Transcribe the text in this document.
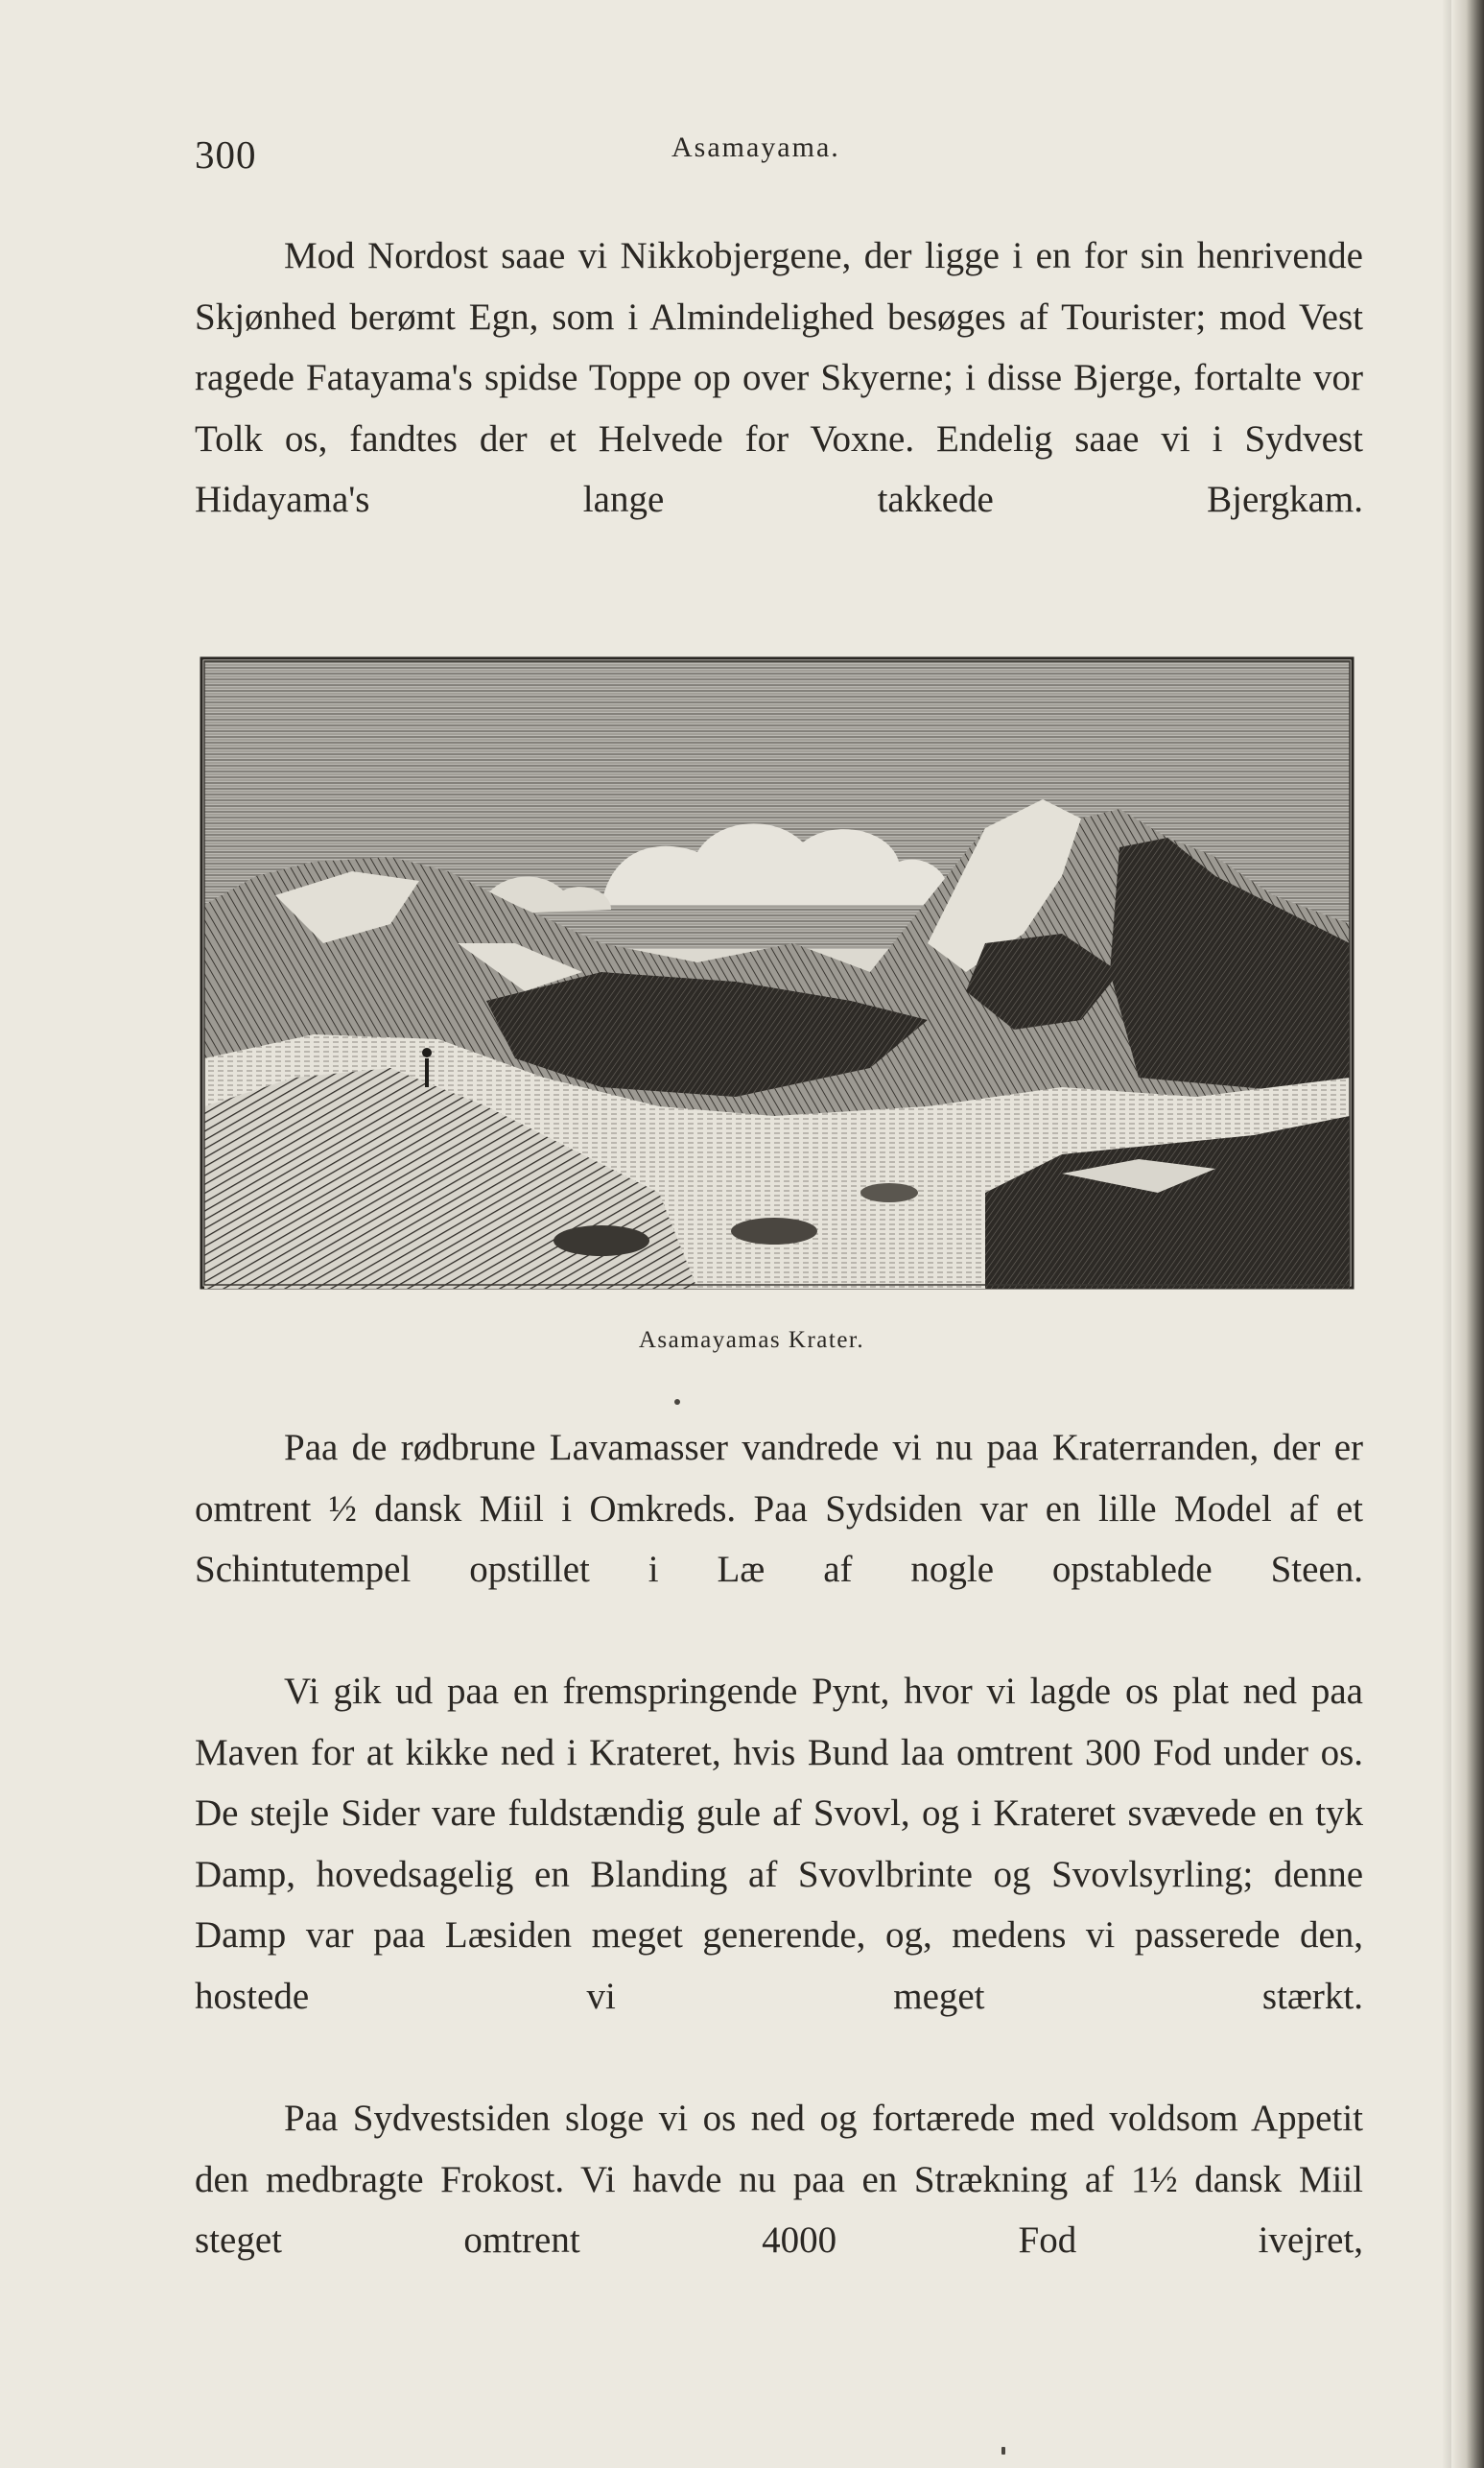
300	Asamayama.

Mod Nordost saae vi Nikkobjergene, der ligge i en for sin henrivende Skjønhed berømt Egn, som i Almindelighed besøges af Tourister; mod Vest ragede Fatayama's spidse Toppe op over Skyerne; i disse Bjerge, fortalte vor Tolk os, fandtes der et Helvede for Voxne. Endelig saae vi i Sydvest Hidayama's lange takkede Bjergkam.

Asamayamas Krater.

Paa de rødbrune Lavamasser vandrede vi nu paa Kraterranden, der er omtrent ½ dansk Miil i Omkreds. Paa Sydsiden var en lille Model af et Schintutempel opstillet i Læ af nogle opstablede Steen.

Vi gik ud paa en fremspringende Pynt, hvor vi lagde os plat ned paa Maven for at kikke ned i Krateret, hvis Bund laa omtrent 300 Fod under os. De stejle Sider vare fuldstændig gule af Svovl, og i Krateret svævede en tyk Damp, hovedsagelig en Blanding af Svovlbrinte og Svovlsyrling; denne Damp var paa Læsiden meget generende, og, medens vi passerede den, hostede vi meget stærkt.

Paa Sydvestsiden sloge vi os ned og fortærede med voldsom Appetit den medbragte Frokost. Vi havde nu paa en Strækning af 1½ dansk Miil steget omtrent 4000 Fod ivejret,
